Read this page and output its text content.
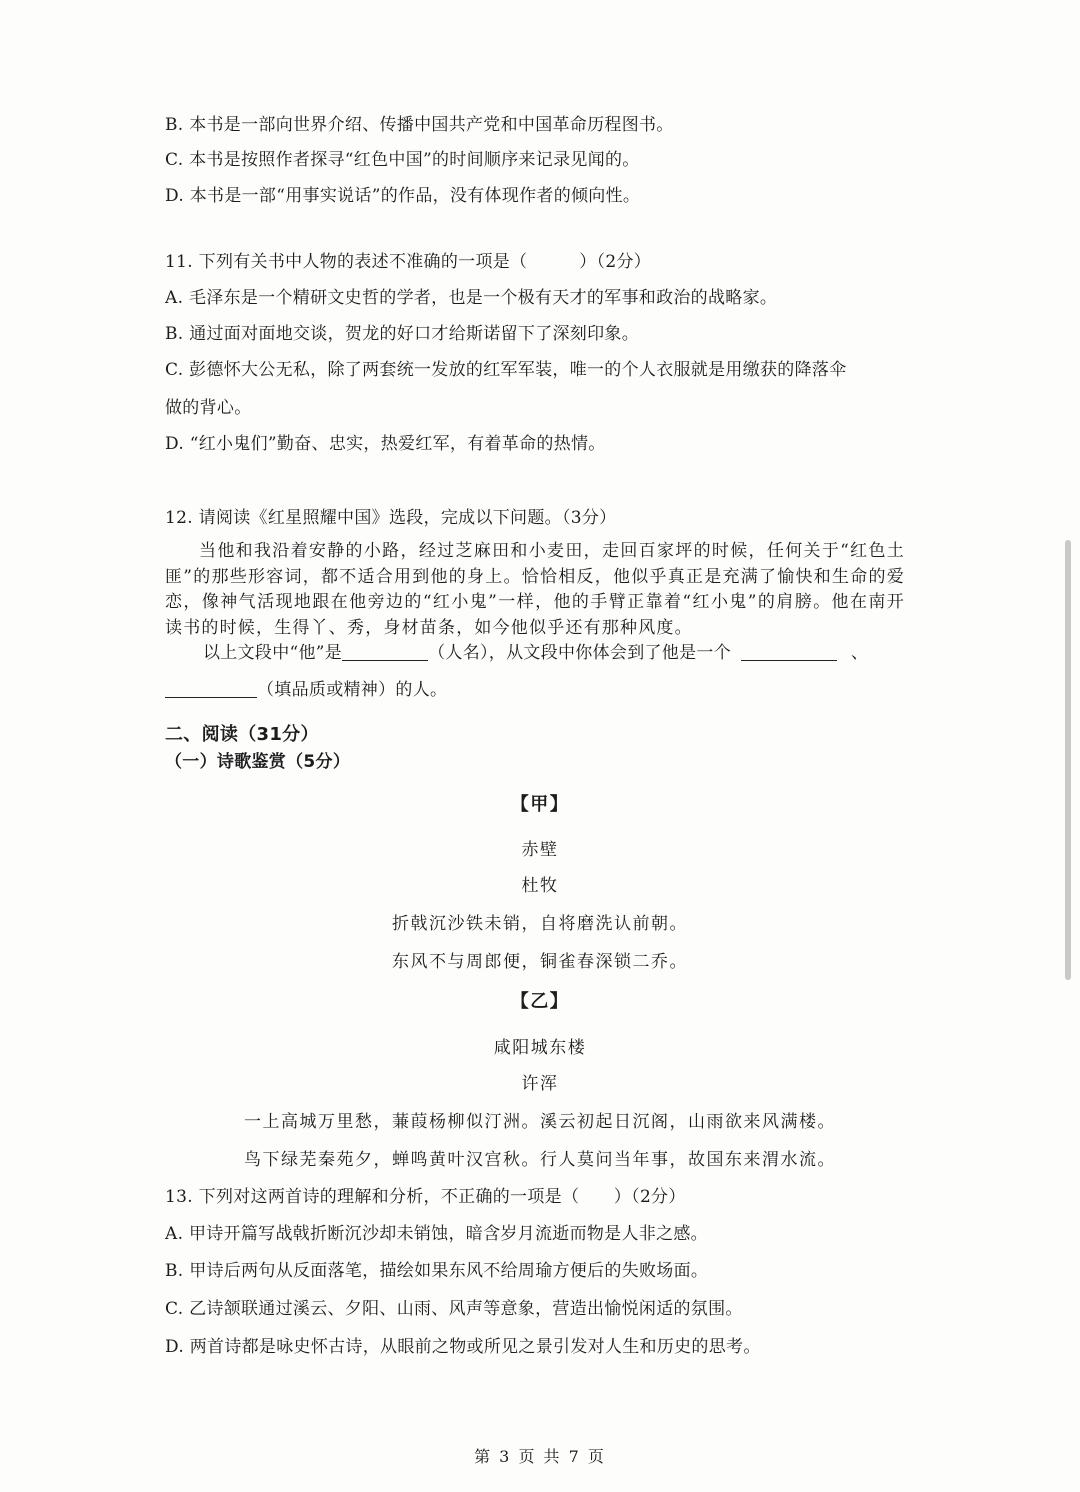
B. 本书是一部向世界介绍、传播中国共产党和中国革命历程图书。
C. 本书是按照作者探寻“红色中国”的时间顺序来记录见闻的。
D. 本书是一部“用事实说话”的作品，没有体现作者的倾向性。
11. 下列有关书中人物的表述不准确的一项是（　　　）（2分）
A. 毛泽东是一个精研文史哲的学者，也是一个极有天才的军事和政治的战略家。
B. 通过面对面地交谈，贺龙的好口才给斯诺留下了深刻印象。
C. 彭德怀大公无私，除了两套统一发放的红军军装，唯一的个人衣服就是用缴获的降落伞
做的背心。
D. “红小鬼们”勤奋、忠实，热爱红军，有着革命的热情。
12. 请阅读《红星照耀中国》选段，完成以下问题。（3分）

当他和我沿着安静的小路，经过芝麻田和小麦田，走回百家坪的时候，任何关于“红色土匪”的那些形容词，都不适合用到他的身上。恰恰相反，他似乎真正是充满了愉快和生命的爱恋，像神气活现地跟在他旁边的“红小鬼”一样，他的手臂正靠着“红小鬼”的肩膀。他在南开读书的时候，生得丫、秀，身材苗条，如今他似乎还有那种风度。

以上文段中“他”是	（人名），从文段中你体会到了他是一个	、
（填品质或精神）的人。
二、阅读（31分）
（一）诗歌鉴赏（5分）
【甲】
赤壁
杜牧
折戟沉沙铁未销，自将磨洗认前朝。
东风不与周郎便，铜雀春深锁二乔。
【乙】
咸阳城东楼
许浑
一上高城万里愁，蒹葭杨柳似汀洲。溪云初起日沉阁，山雨欲来风满楼。
鸟下绿芜秦苑夕，蝉鸣黄叶汉宫秋。行人莫问当年事，故国东来渭水流。
13. 下列对这两首诗的理解和分析，不正确的一项是（　　）（2分）
A. 甲诗开篇写战戟折断沉沙却未销蚀，暗含岁月流逝而物是人非之感。
B. 甲诗后两句从反面落笔，描绘如果东风不给周瑜方便后的失败场面。
C. 乙诗颔联通过溪云、夕阳、山雨、风声等意象，营造出愉悦闲适的氛围。
D. 两首诗都是咏史怀古诗，从眼前之物或所见之景引发对人生和历史的思考。
第 3 页 共 7 页
